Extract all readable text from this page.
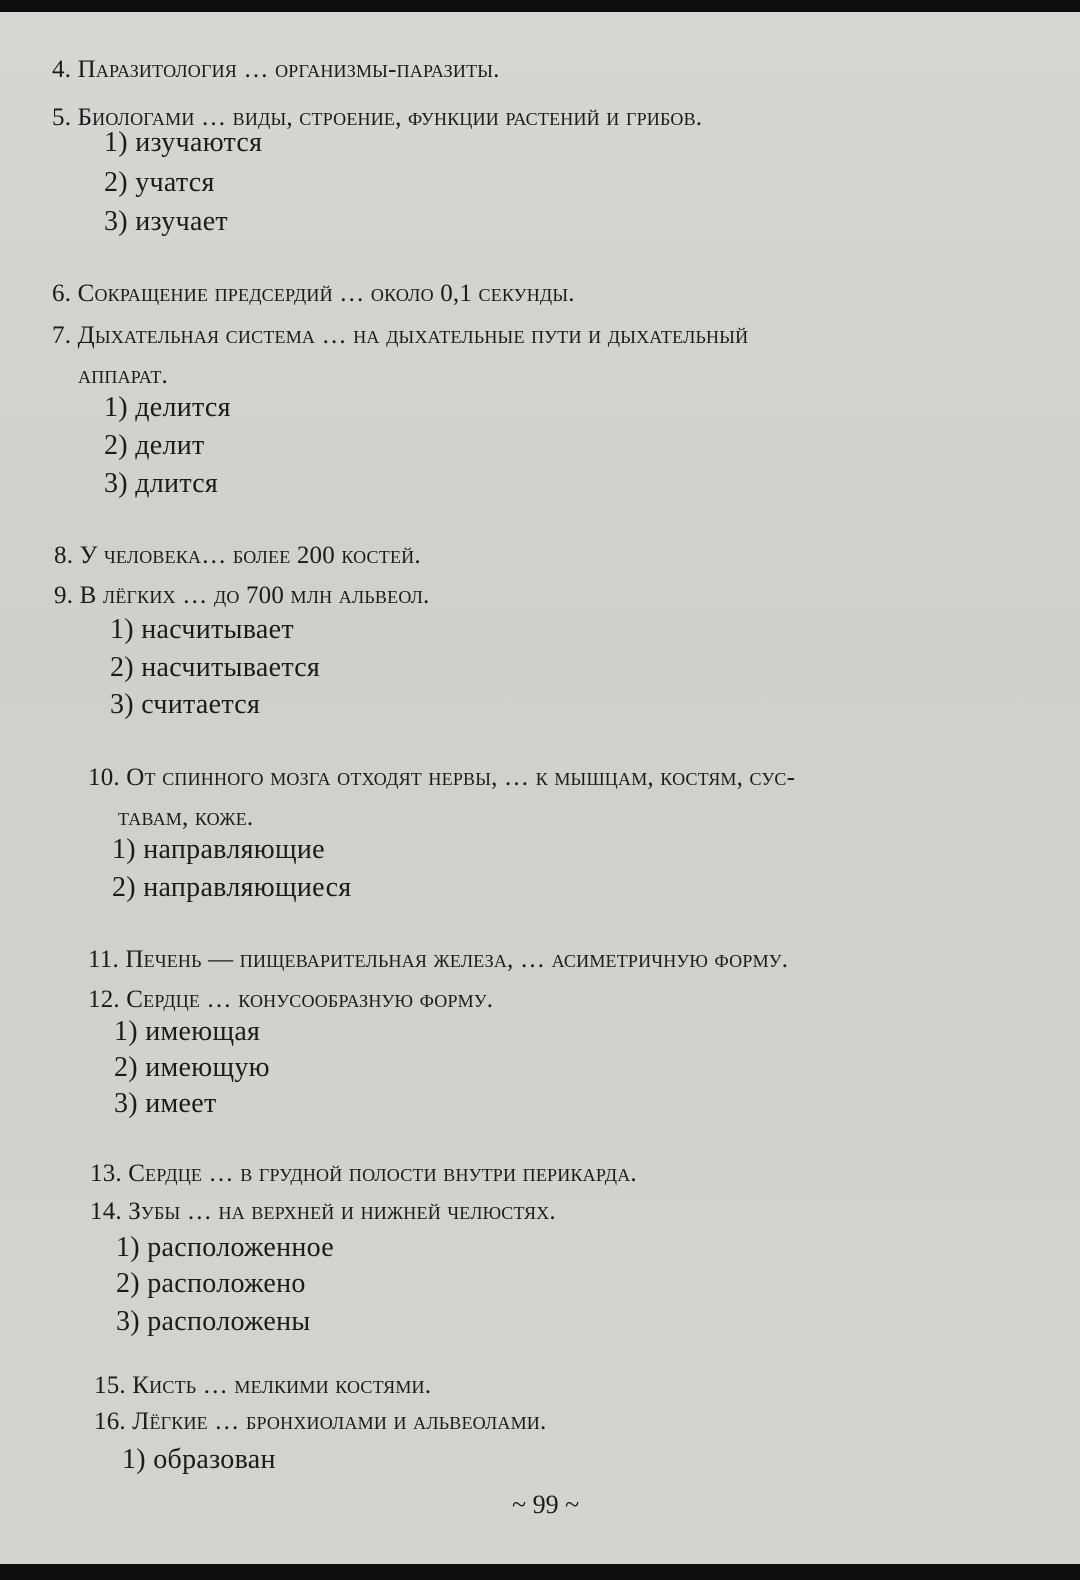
4. Паразитология … организмы-паразиты.
5. Биологами … виды, строение, функции растений и грибов.
1) изучаются
2) учатся
3) изучает
6. Сокращение предсердий … около 0,1 секунды.
7. Дыхательная система … на дыхательные пути и дыхательный
аппарат.
1) делится
2) делит
3) длится
8. У человека… более 200 костей.
9. В лёгких … до 700 млн альвеол.
1) насчитывает
2) насчитывается
3) считается
10. От спинного мозга отходят нервы, … к мышцам, костям, сус-
тавам, коже.
1) направляющие
2) направляющиеся
11. Печень — пищеварительная железа, … асиметричную форму.
12. Сердце … конусообразную форму.
1) имеющая
2) имеющую
3) имеет
13. Сердце … в грудной полости внутри перикарда.
14. Зубы … на верхней и нижней челюстях.
1) расположенное
2) расположено
3) расположены
15. Кисть … мелкими костями.
16. Лёгкие … бронхиолами и альвеолами.
1) образован
~ 99 ~
